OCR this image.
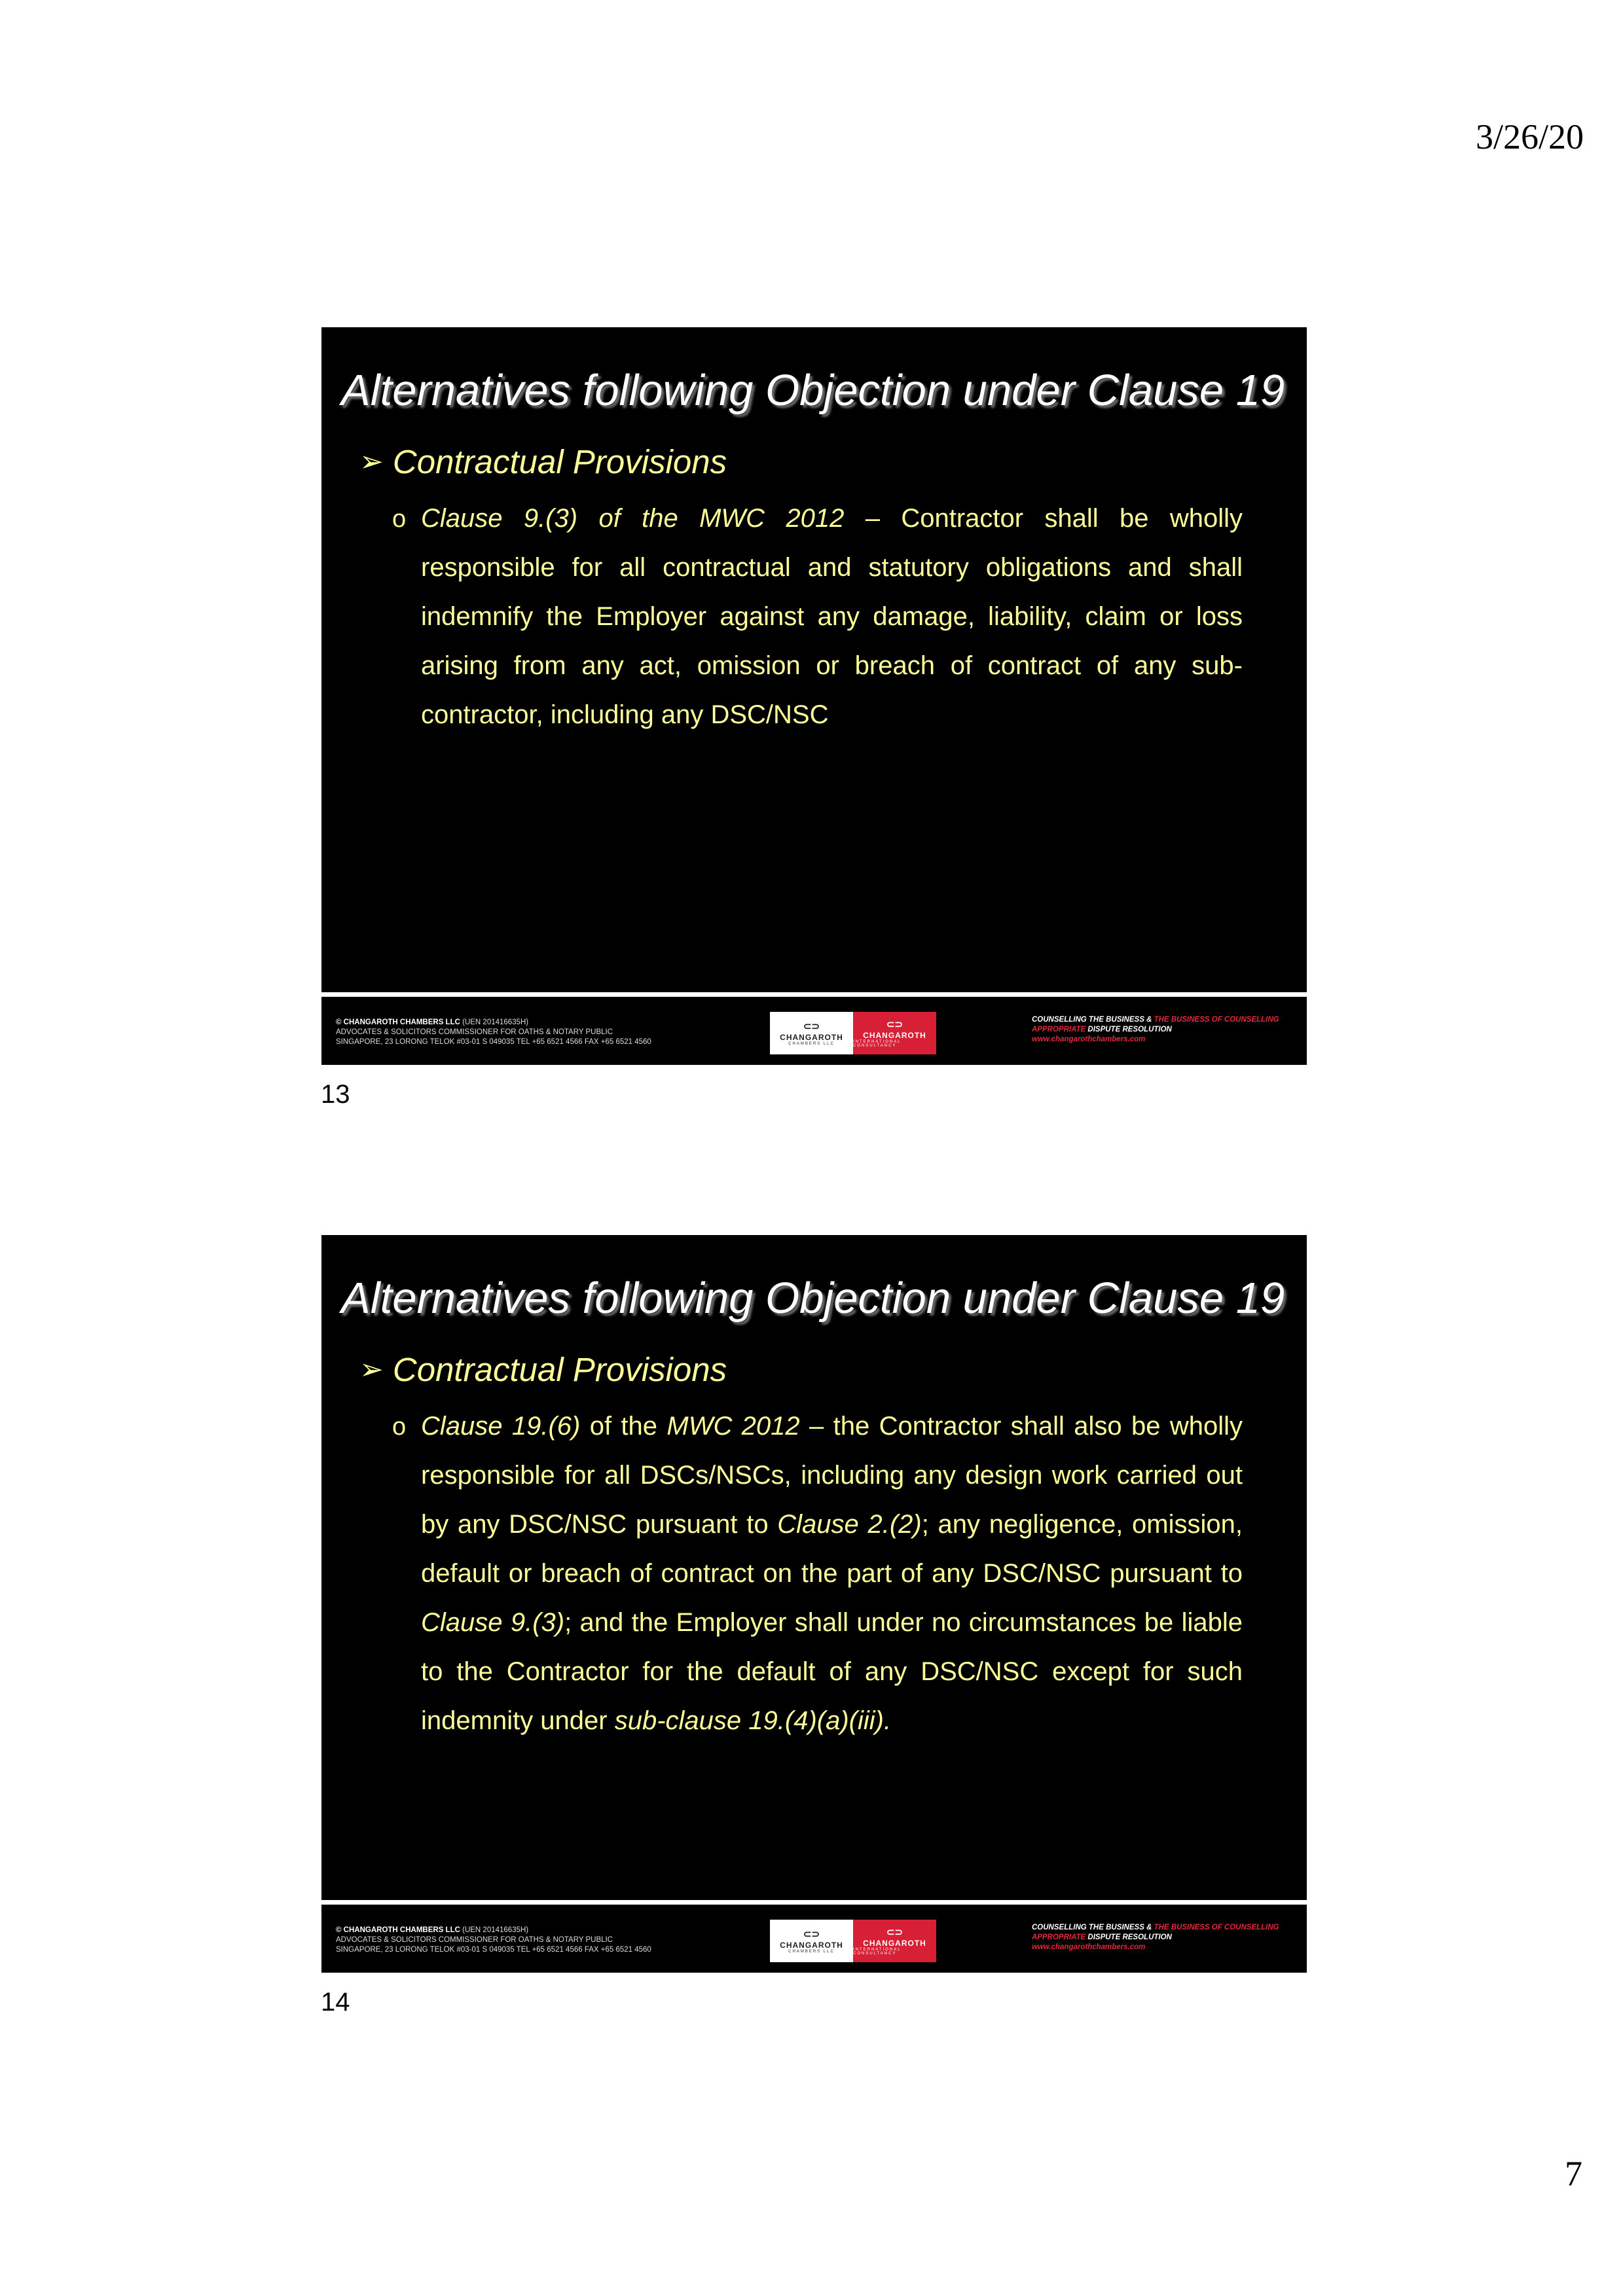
3/26/20
Alternatives following Objection under Clause 19
➢ Contractual Provisions
o Clause 9.(3) of the MWC 2012 – Contractor shall be wholly responsible for all contractual and statutory obligations and shall indemnify the Employer against any damage, liability, claim or loss arising from any act, omission or breach of contract of any sub-contractor, including any DSC/NSC
© CHANGAROTH CHAMBERS LLC (UEN 201416635H)
ADVOCATES & SOLICITORS COMMISSIONER FOR OATHS & NOTARY PUBLIC
SINGAPORE, 23 LORONG TELOK #03-01 S 049035 TEL +65 6521 4566 FAX +65 6521 4560
⊂⊃
CHANGAROTH
CHAMBERS LLC
⊂⊃
CHANGAROTH
INTERNATIONAL CONSULTANCY
COUNSELLING THE BUSINESS & THE BUSINESS OF COUNSELLING
APPROPRIATE DISPUTE RESOLUTION
www.changarothchambers.com
13
Alternatives following Objection under Clause 19
➢ Contractual Provisions
o Clause 19.(6) of the MWC 2012 – the Contractor shall also be wholly responsible for all DSCs/NSCs, including any design work carried out by any DSC/NSC pursuant to Clause 2.(2); any negligence, omission, default or breach of contract on the part of any DSC/NSC pursuant to Clause 9.(3); and the Employer shall under no circumstances be liable to the Contractor for the default of any DSC/NSC except for such indemnity under sub-clause 19.(4)(a)(iii).
© CHANGAROTH CHAMBERS LLC (UEN 201416635H)
ADVOCATES & SOLICITORS COMMISSIONER FOR OATHS & NOTARY PUBLIC
SINGAPORE, 23 LORONG TELOK #03-01 S 049035 TEL +65 6521 4566 FAX +65 6521 4560
⊂⊃
CHANGAROTH
CHAMBERS LLC
⊂⊃
CHANGAROTH
INTERNATIONAL CONSULTANCY
COUNSELLING THE BUSINESS & THE BUSINESS OF COUNSELLING
APPROPRIATE DISPUTE RESOLUTION
www.changarothchambers.com
14
7
